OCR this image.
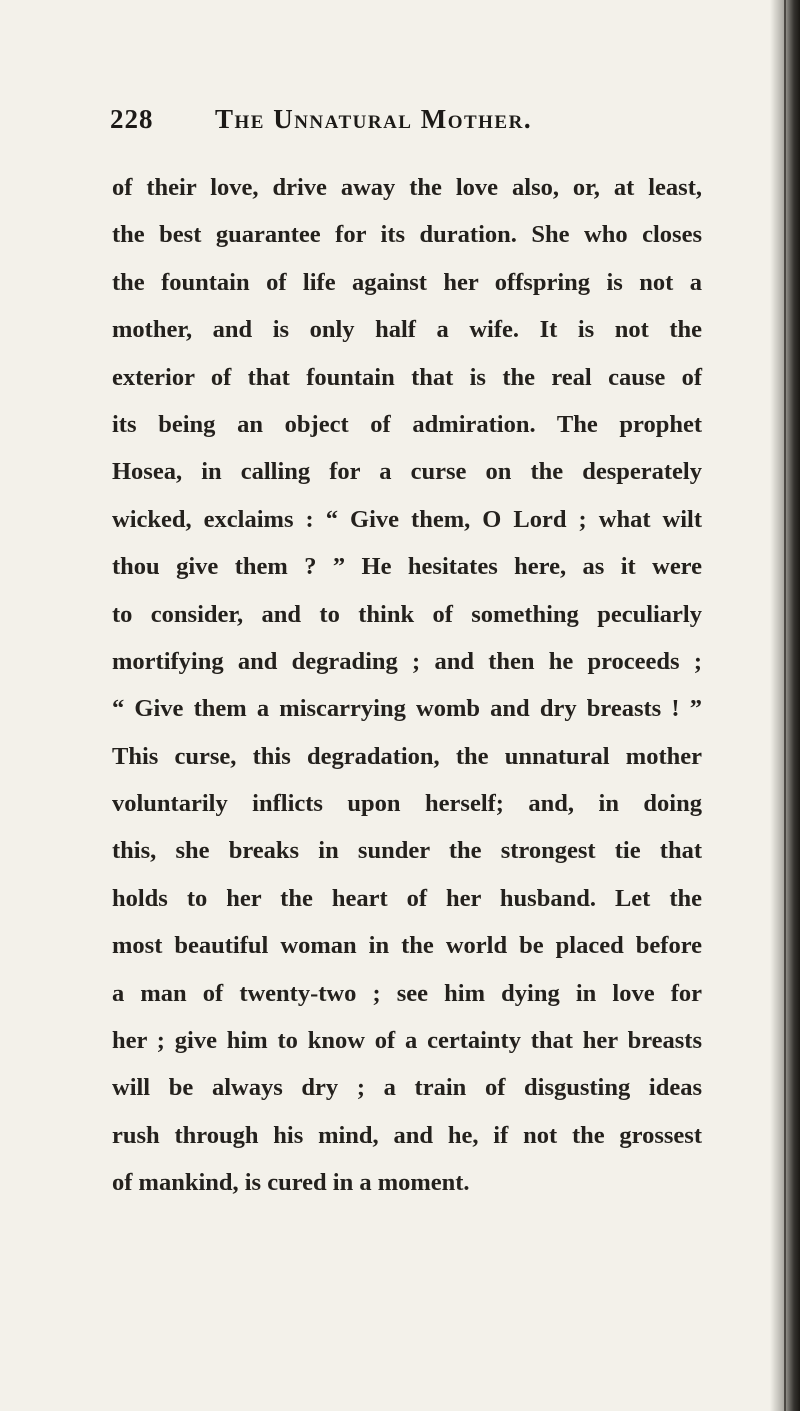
228 The Unnatural Mother.
of their love, drive away the love also, or, at least,
the best guarantee for its duration. She who closes
the fountain of life against her offspring is not a
mother, and is only half a wife. It is not the
exterior of that fountain that is the real cause of
its being an object of admiration. The prophet
Hosea, in calling for a curse on the desperately
wicked, exclaims : “ Give them, O Lord ; what wilt
thou give them ? ” He hesitates here, as it were
to consider, and to think of something peculiarly
mortifying and degrading ; and then he proceeds ;
“ Give them a miscarrying womb and dry breasts ! ”
This curse, this degradation, the unnatural mother
voluntarily inflicts upon herself; and, in doing
this, she breaks in sunder the strongest tie that
holds to her the heart of her husband. Let the
most beautiful woman in the world be placed before
a man of twenty-two ; see him dying in love for
her ; give him to know of a certainty that her breasts
will be always dry ; a train of disgusting ideas
rush through his mind, and he, if not the grossest
of mankind, is cured in a moment.
